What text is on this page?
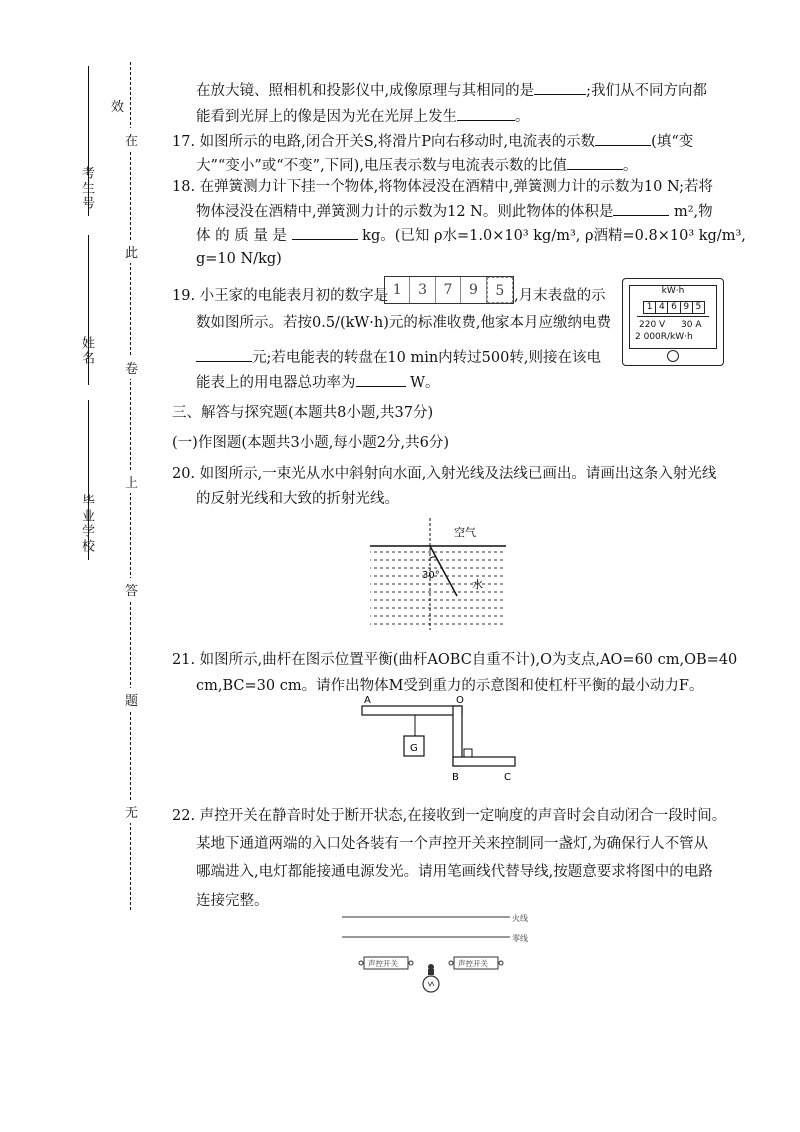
考生号
姓名
毕业学校
效
在
此
卷
上
答
题
无
在放大镜、照相机和投影仪中,成像原理与其相同的是	;我们从不同方向都
能看到光屏上的像是因为光在光屏上发生	。
17. 如图所示的电路,闭合开关S,将滑片P向右移动时,电流表的示数	(填“变
大”“变小”或“不变”,下同),电压表示数与电流表示数的比值	。
18. 在弹簧测力计下挂一个物体,将物体浸没在酒精中,弹簧测力计的示数为10 N;若将
物体浸没在酒精中,弹簧测力计的示数为12 N。则此物体的体积是	m²,物
体 的 质 量 是	kg。(已知 ρ水=1.0×10³ kg/m³, ρ酒精=0.8×10³ kg/m³,
g=10 N/kg)
19. 小王家的电能表月初的数字是 1	3	7	9	5 ,月末表盘的示
数如图所示。若按0.5/(kW·h)元的标准收费,他家本月应缴纳电费
元;若电能表的转盘在10 min内转过500转,则接在该电
能表上的用电器总功率为	W。
kW·h
1 4 6 9 5
220 V 30 A
2 000R/kW·h
三、解答与探究题(本题共8小题,共37分)
(一)作图题(本题共3小题,每小题2分,共6分)
20. 如图所示,一束光从水中斜射向水面,入射光线及法线已画出。请画出这条入射光线
的反射光线和大致的折射光线。
空气
水
30°
21. 如图所示,曲杆在图示位置平衡(曲杆AOBC自重不计),O为支点,AO=60 cm,OB=40
cm,BC=30 cm。请作出物体M受到重力的示意图和使杠杆平衡的最小动力F。
G
A	O
B	C
22. 声控开关在静音时处于断开状态,在接收到一定响度的声音时会自动闭合一段时间。
某地下通道两端的入口处各装有一个声控开关来控制同一盏灯,为确保行人不管从
哪端进入,电灯都能接通电源发光。请用笔画线代替导线,按题意要求将图中的电路
连接完整。
火线
零线
声控开关	声控开关
